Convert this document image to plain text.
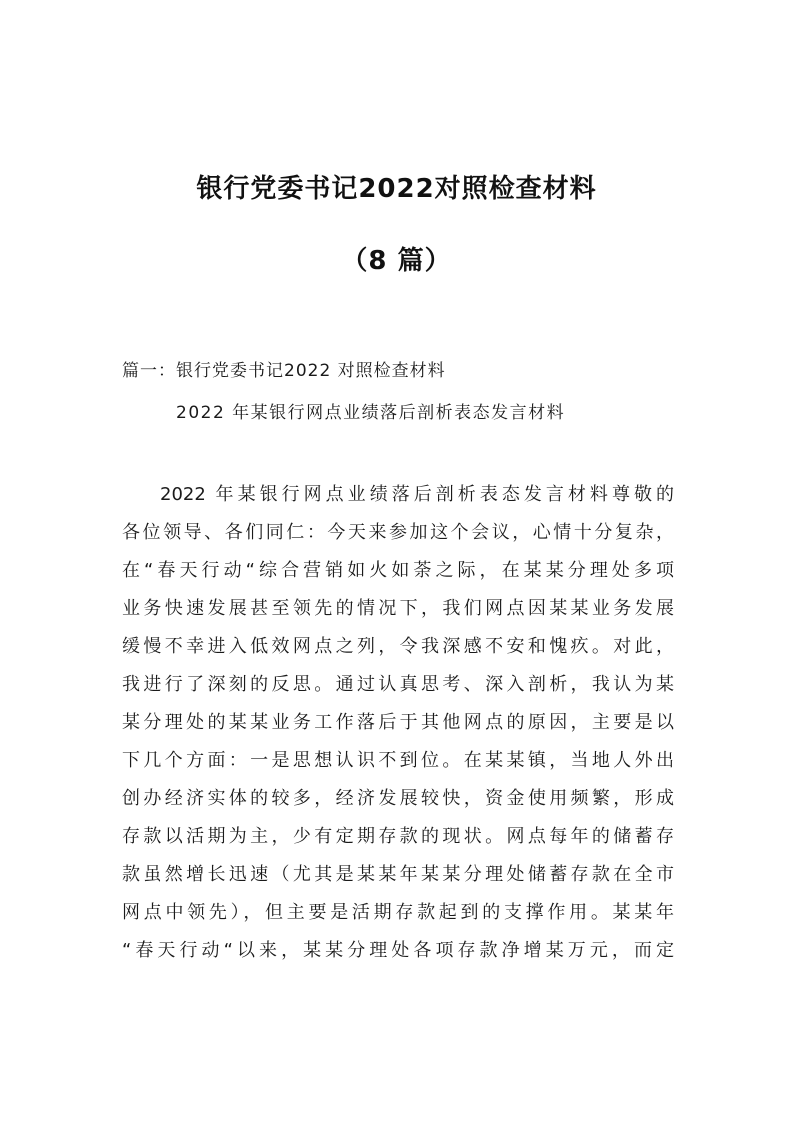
银行党委书记2022对照检查材料
（8 篇）
篇一：银行党委书记2022 对照检查材料
2022 年某银行网点业绩落后剖析表态发言材料
2022 年某银行网点业绩落后剖析表态发言材料尊敬的
各位领导、各们同仁：今天来参加这个会议，心情十分复杂，
在“春天行动“综合营销如火如荼之际，在某某分理处多项
业务快速发展甚至领先的情况下，我们网点因某某业务发展
缓慢不幸进入低效网点之列，令我深感不安和愧疚。对此，
我进行了深刻的反思。通过认真思考、深入剖析，我认为某
某分理处的某某业务工作落后于其他网点的原因，主要是以
下几个方面：一是思想认识不到位。在某某镇，当地人外出
创办经济实体的较多，经济发展较快，资金使用频繁，形成
存款以活期为主，少有定期存款的现状。网点每年的储蓄存
款虽然增长迅速（尤其是某某年某某分理处储蓄存款在全市
网点中领先），但主要是活期存款起到的支撑作用。某某年
“春天行动“以来，某某分理处各项存款净增某万元，而定
